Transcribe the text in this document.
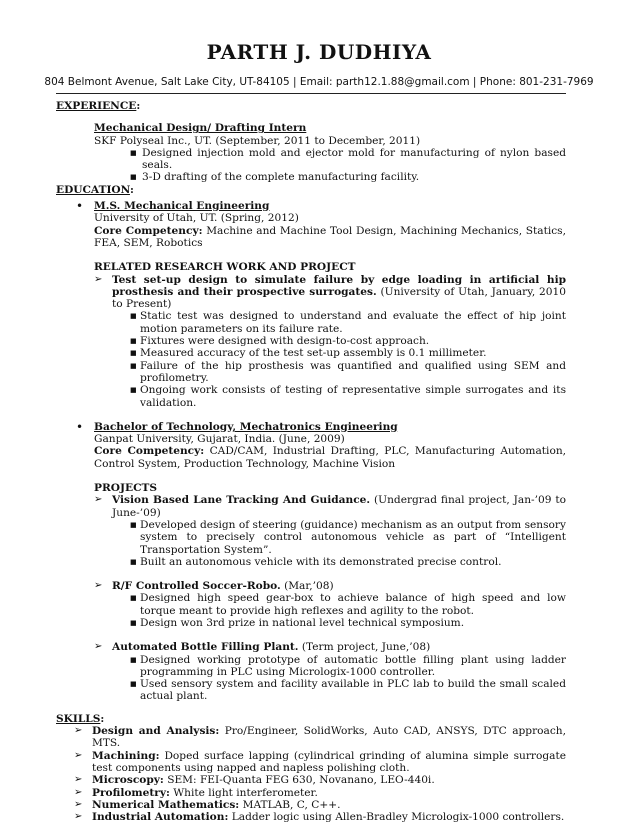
PARTH J. DUDHIYA
804 Belmont Avenue, Salt Lake City, UT-84105 | Email: parth12.1.88@gmail.com | Phone: 801-231-7969
EXPERIENCE:
Mechanical Design/ Drafting Intern
SKF Polyseal Inc., UT. (September, 2011 to December, 2011)
■ Designed injection mold and ejector mold for manufacturing of nylon based seals.
■ 3-D drafting of the complete manufacturing facility.
EDUCATION:
•	M.S. Mechanical Engineering
University of Utah, UT. (Spring, 2012)
Core Competency: Machine and Machine Tool Design, Machining Mechanics, Statics, FEA, SEM, Robotics
RELATED RESEARCH WORK AND PROJECT
➢ Test set-up design to simulate failure by edge loading in artificial hip prosthesis and their prospective surrogates. (University of Utah, January, 2010 to Present)
■ Static test was designed to understand and evaluate the effect of hip joint motion parameters on its failure rate.
■ Fixtures were designed with design-to-cost approach.
■ Measured accuracy of the test set-up assembly is 0.1 millimeter.
■ Failure of the hip prosthesis was quantified and qualified using SEM and profilometry.
■ Ongoing work consists of testing of representative simple surrogates and its validation.
•	Bachelor of Technology, Mechatronics Engineering
Ganpat University, Gujarat, India. (June, 2009)
Core Competency: CAD/CAM, Industrial Drafting, PLC, Manufacturing Automation, Control System, Production Technology, Machine Vision
PROJECTS
➢ Vision Based Lane Tracking And Guidance. (Undergrad final project, Jan-’09 to June-’09)
■ Developed design of steering (guidance) mechanism as an output from sensory system to precisely control autonomous vehicle as part of “Intelligent Transportation System”.
■ Built an autonomous vehicle with its demonstrated precise control.
➢ R/F Controlled Soccer-Robo. (Mar,’08)
■ Designed high speed gear-box to achieve balance of high speed and low torque meant to provide high reflexes and agility to the robot.
■ Design won 3rd prize in national level technical symposium.
➢ Automated Bottle Filling Plant. (Term project, June,’08)
■ Designed working prototype of automatic bottle filling plant using ladder programming in PLC using Micrologix-1000 controller.
■ Used sensory system and facility available in PLC lab to build the small scaled actual plant.
SKILLS:
➢ Design and Analysis: Pro/Engineer, SolidWorks, Auto CAD, ANSYS, DTC approach, MTS.
➢ Machining: Doped surface lapping (cylindrical grinding of alumina simple surrogate test components using napped and napless polishing cloth.
➢ Microscopy: SEM: FEI-Quanta FEG 630, Novanano, LEO-440i.
➢ Profilometry: White light interferometer.
➢ Numerical Mathematics: MATLAB, C, C++.
➢ Industrial Automation: Ladder logic using Allen-Bradley Micrologix-1000 controllers.
